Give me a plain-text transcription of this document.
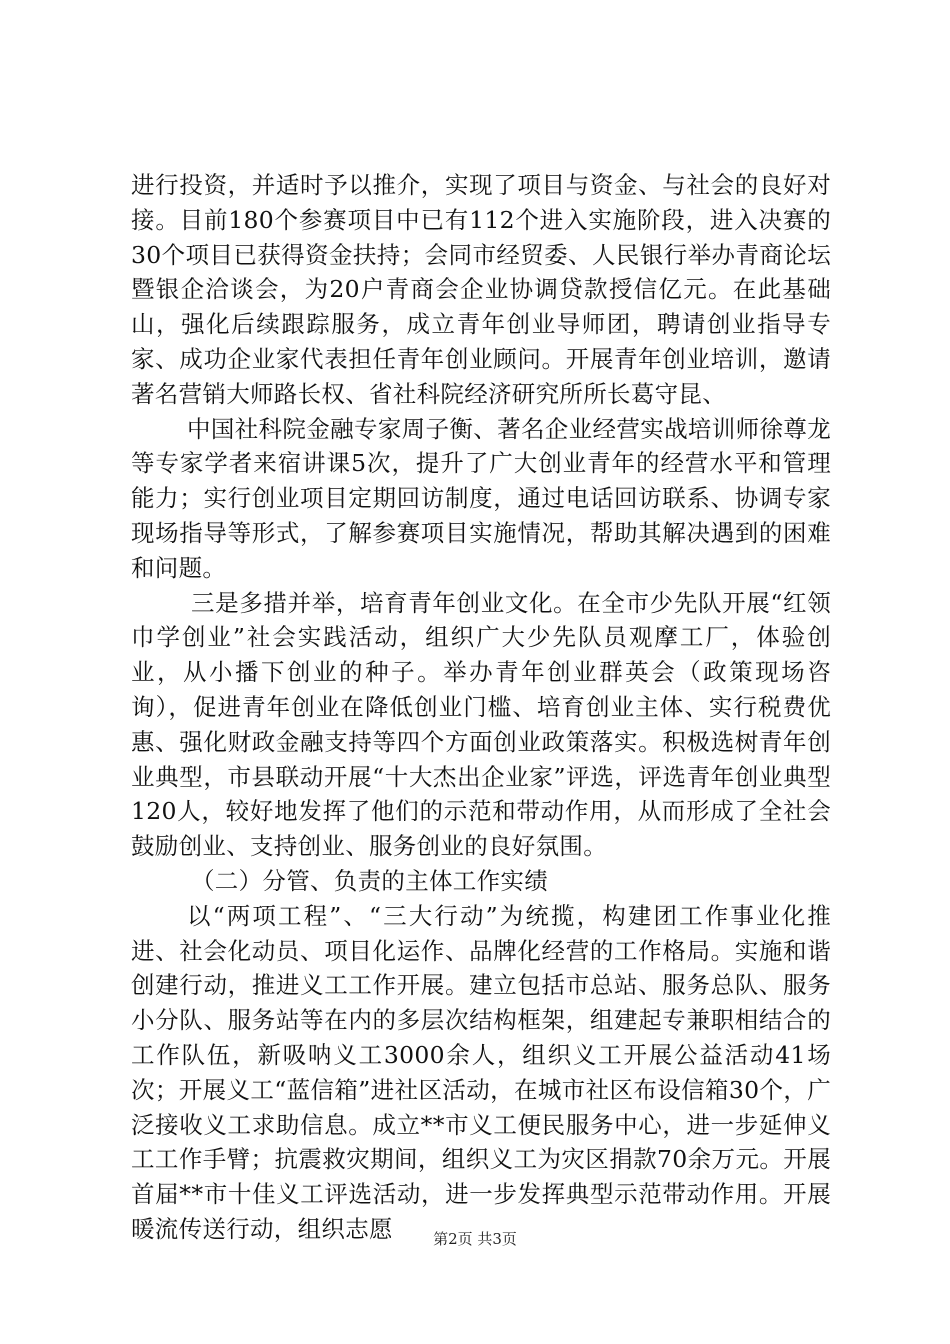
进行投资，并适时予以推介，实现了项目与资金、与社会的良好对接。目前180个参赛项目中已有112个进入实施阶段，进入决赛的30个项目已获得资金扶持；会同市经贸委、人民银行举办青商论坛暨银企洽谈会，为20户青商会企业协调贷款授信亿元。在此基础山，强化后续跟踪服务，成立青年创业导师团，聘请创业指导专家、成功企业家代表担任青年创业顾问。开展青年创业培训，邀请著名营销大师路长权、省社科院经济研究所所长葛守昆、

中国社科院金融专家周子衡、著名企业经营实战培训师徐尊龙等专家学者来宿讲课5次，提升了广大创业青年的经营水平和管理能力；实行创业项目定期回访制度，通过电话回访联系、协调专家现场指导等形式，了解参赛项目实施情况，帮助其解决遇到的困难和问题。

三是多措并举，培育青年创业文化。在全市少先队开展“红领巾学创业”社会实践活动，组织广大少先队员观摩工厂，体验创业，从小播下创业的种子。举办青年创业群英会（政策现场咨询），促进青年创业在降低创业门槛、培育创业主体、实行税费优惠、强化财政金融支持等四个方面创业政策落实。积极选树青年创业典型，市县联动开展“十大杰出企业家”评选，评选青年创业典型120人，较好地发挥了他们的示范和带动作用，从而形成了全社会鼓励创业、支持创业、服务创业的良好氛围。

（二）分管、负责的主体工作实绩

以“两项工程”、“三大行动”为统揽，构建团工作事业化推进、社会化动员、项目化运作、品牌化经营的工作格局。实施和谐创建行动，推进义工工作开展。建立包括市总站、服务总队、服务小分队、服务站等在内的多层次结构框架，组建起专兼职相结合的工作队伍，新吸呐义工3000余人，组织义工开展公益活动41场次；开展义工“蓝信箱”进社区活动，在城市社区布设信箱30个，广泛接收义工求助信息。成立**市义工便民服务中心，进一步延伸义工工作手臂；抗震救灾期间，组织义工为灾区捐款70余万元。开展首届**市十佳义工评选活动，进一步发挥典型示范带动作用。开展暖流传送行动，组织志愿	第2页 共3页
